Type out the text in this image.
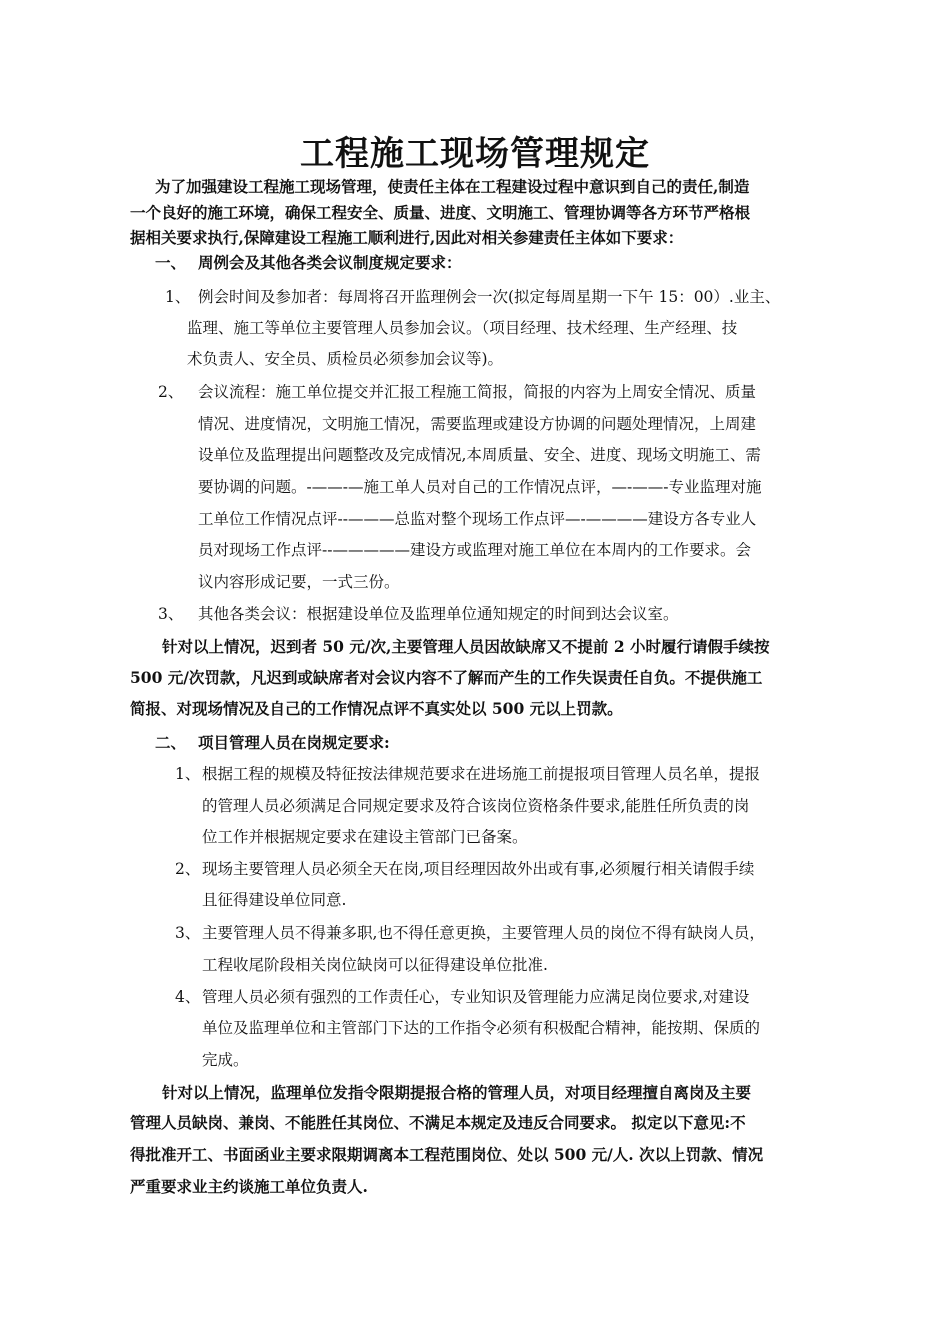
工程施工现场管理规定
为了加强建设工程施工现场管理，使责任主体在工程建设过程中意识到自己的责任,制造
一个良好的施工环境，确保工程安全、质量、进度、文明施工、管理协调等各方环节严格根
据相关要求执行,保障建设工程施工顺利进行,因此对相关参建责任主体如下要求：
一、 周例会及其他各类会议制度规定要求：
1、 例会时间及参加者：每周将召开监理例会一次(拟定每周星期一下午 15：00）.业主、
监理、施工等单位主要管理人员参加会议。（项目经理、技术经理、生产经理、技
术负责人、安全员、质检员必须参加会议等)。
2、 会议流程：施工单位提交并汇报工程施工简报，简报的内容为上周安全情况、质量
情况、进度情况，文明施工情况，需要监理或建设方协调的问题处理情况，上周建
设单位及监理提出问题整改及完成情况,本周质量、安全、进度、现场文明施工、需
要协调的问题。-——-—施工单人员对自己的工作情况点评，—-——-专业监理对施
工单位工作情况点评--———总监对整个现场工作点评—-————建设方各专业人
员对现场工作点评--—————建设方或监理对施工单位在本周内的工作要求。会
议内容形成记要，一式三份。
3、 其他各类会议：根据建设单位及监理单位通知规定的时间到达会议室。
针对以上情况，迟到者 50 元/次,主要管理人员因故缺席又不提前 2 小时履行请假手续按
500 元/次罚款，凡迟到或缺席者对会议内容不了解而产生的工作失误责任自负。不提供施工
简报、对现场情况及自己的工作情况点评不真实处以 500 元以上罚款。
二、 项目管理人员在岗规定要求:
1、 根据工程的规模及特征按法律规范要求在进场施工前提报项目管理人员名单，提报
的管理人员必须满足合同规定要求及符合该岗位资格条件要求,能胜任所负责的岗
位工作并根据规定要求在建设主管部门已备案。
2、 现场主要管理人员必须全天在岗,项目经理因故外出或有事,必须履行相关请假手续
且征得建设单位同意.
3、 主要管理人员不得兼多职,也不得任意更换，主要管理人员的岗位不得有缺岗人员，
工程收尾阶段相关岗位缺岗可以征得建设单位批准.
4、 管理人员必须有强烈的工作责任心，专业知识及管理能力应满足岗位要求,对建设
单位及监理单位和主管部门下达的工作指令必须有积极配合精神，能按期、保质的
完成。
针对以上情况，监理单位发指令限期提报合格的管理人员，对项目经理擅自离岗及主要
管理人员缺岗、兼岗、不能胜任其岗位、不满足本规定及违反合同要求。 拟定以下意见:不
得批准开工、书面函业主要求限期调离本工程范围岗位、处以 500 元/人. 次以上罚款、情况
严重要求业主约谈施工单位负责人.
